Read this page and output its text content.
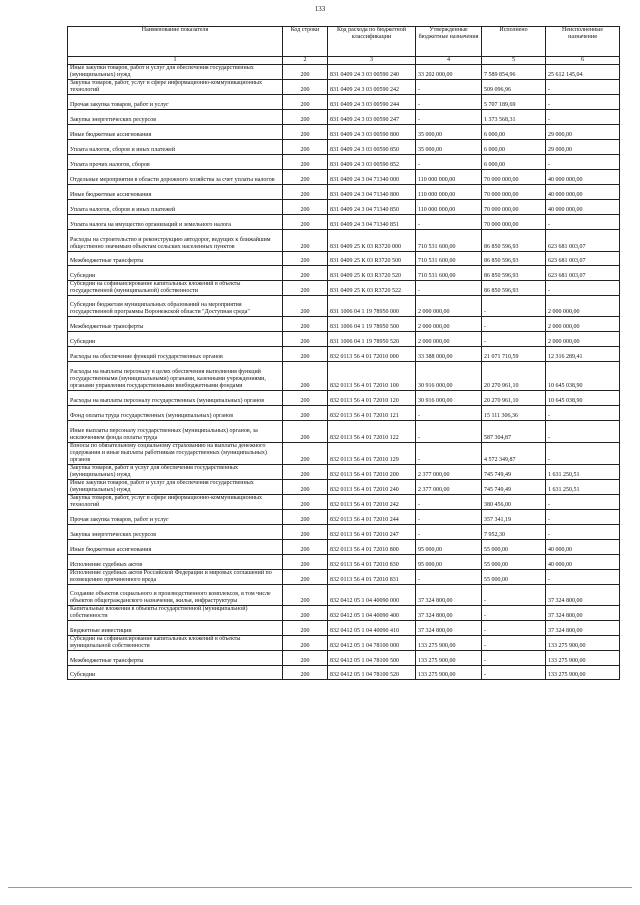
133
Наименование показателя	Код строки	Код расхода по бюджетной классификации	Утвержденные бюджетные назначения	Исполнено	Неисполненные назначения
1	2	3	4	5	6
Иные закупки товаров, работ и услуг для обеспечения государственных (муниципальных) нужд	200	831 0409 24 3 03 00590 240	33 202 000,00	7 589 854,96	25 612 145,04
Закупка товаров, работ, услуг в сфере информационно-коммуникационных технологий	200	831 0409 24 3 03 00590 242	-	509 096,96	-
Прочая закупка товаров, работ и услуг	200	831 0409 24 3 03 00590 244	-	5 707 189,69	-
Закупка энергетических ресурсов	200	831 0409 24 3 03 00590 247	-	1 373 568,31	-
Иные бюджетные ассигнования	200	831 0409 24 3 03 00590 800	35 000,00	6 000,00	29 000,00
Уплата налогов, сборов и иных платежей	200	831 0409 24 3 03 00590 850	35 000,00	6 000,00	29 000,00
Уплата прочих налогов, сборов	200	831 0409 24 3 03 00590 852	-	6 000,00	-
Отдельные мероприятия в области дорожного хозяйства за счет уплаты налогов	200	831 0409 24 3 04 71340 000	110 000 000,00	70 000 000,00	40 000 000,00
Иные бюджетные ассигнования	200	831 0409 24 3 04 71340 800	110 000 000,00	70 000 000,00	40 000 000,00
Уплата налогов, сборов и иных платежей	200	831 0409 24 3 04 71340 850	110 000 000,00	70 000 000,00	40 000 000,00
Уплата налога на имущество организаций и земельного налога	200	831 0409 24 3 04 71340 851	-	70 000 000,00	-
Расходы на строительство и реконструкцию автодорог, ведущих к ближайшим общественно значимым объектам сельских населенных пунктов	200	831 0409 25 К 03 R3720 000	710 531 600,00	86 850 596,93	623 681 003,07
Межбюджетные трансферты	200	831 0409 25 К 03 R3720 500	710 531 600,00	86 850 596,93	623 681 003,07
Субсидии	200	831 0409 25 К 03 R3720 520	710 531 600,00	86 850 596,93	623 681 003,07
Субсидии на софинансирование капитальных вложений в объекты государственной (муниципальной) собственности	200	831 0409 25 К 03 R3720 522	-	86 850 596,93	-
Субсидии бюджетам муниципальных образований на мероприятия государственной программы Воронежской области "Доступная среда"	200	831 1006 04 1 19 78950 000	2 000 000,00	-	2 000 000,00
Межбюджетные трансферты	200	831 1006 04 1 19 78950 500	2 000 000,00	-	2 000 000,00
Субсидии	200	831 1006 04 1 19 78950 520	2 000 000,00	-	2 000 000,00
Расходы на обеспечение функций государственных органов	200	832 0113 56 4 01 72010 000	33 388 000,00	21 071 710,59	12 316 289,41
Расходы на выплаты персоналу в целях обеспечения выполнения функций государственными (муниципальными) органами, казенными учреждениями, органами управления государственными внебюджетными фондами	200	832 0113 56 4 01 72010 100	30 916 000,00	20 270 961,10	10 645 038,90
Расходы на выплаты персоналу государственных (муниципальных) органов	200	832 0113 56 4 01 72010 120	30 916 000,00	20 270 961,10	10 645 038,90
Фонд оплаты труда государственных (муниципальных) органов	200	832 0113 56 4 01 72010 121	-	15 111 306,36	-
Иные выплаты персоналу государственных (муниципальных) органов, за исключением фонда оплаты труда	200	832 0113 56 4 01 72010 122	-	587 304,87	-
Взносы по обязательному социальному страхованию на выплаты денежного содержания и иные выплаты работникам государственных (муниципальных) органов	200	832 0113 56 4 01 72010 129	-	4 572 349,87	-
Закупка товаров, работ и услуг для обеспечения государственных (муниципальных) нужд	200	832 0113 56 4 01 72010 200	2 377 000,00	745 749,49	1 631 250,51
Иные закупки товаров, работ и услуг для обеспечения государственных (муниципальных) нужд	200	832 0113 56 4 01 72010 240	2 377 000,00	745 749,49	1 631 250,51
Закупка товаров, работ, услуг в сфере информационно-коммуникационных технологий	200	832 0113 56 4 01 72010 242	-	380 456,00	-
Прочая закупка товаров, работ и услуг	200	832 0113 56 4 01 72010 244	-	357 341,19	-
Закупка энергетических ресурсов	200	832 0113 56 4 01 72010 247	-	7 952,30	-
Иные бюджетные ассигнования	200	832 0113 56 4 01 72010 800	95 000,00	55 000,00	40 000,00
Исполнение судебных актов	200	832 0113 56 4 01 72010 830	95 000,00	55 000,00	40 000,00
Исполнение судебных актов Российской Федерации и мировых соглашений по возмещению причиненного вреда	200	832 0113 56 4 01 72010 831	-	55 000,00	-
Создание объектов социального и производственного комплексов, в том числе объектов общегражданского назначения, жилья, инфраструктуры	200	832 0412 05 1 04 40090 000	37 324 800,00	-	37 324 800,00
Капитальные вложения в объекты государственной (муниципальной) собственности	200	832 0412 05 1 04 40090 400	37 324 800,00	-	37 324 800,00
Бюджетные инвестиции	200	832 0412 05 1 04 40090 410	37 324 800,00	-	37 324 800,00
Субсидии на софинансирование капитальных вложений в объекты муниципальной собственности	200	832 0412 05 1 04 78100 000	133 275 900,00	-	133 275 900,00
Межбюджетные трансферты	200	832 0412 05 1 04 78100 500	133 275 900,00	-	133 275 900,00
Субсидии	200	832 0412 05 1 04 78100 520	133 275 900,00	-	133 275 900,00
